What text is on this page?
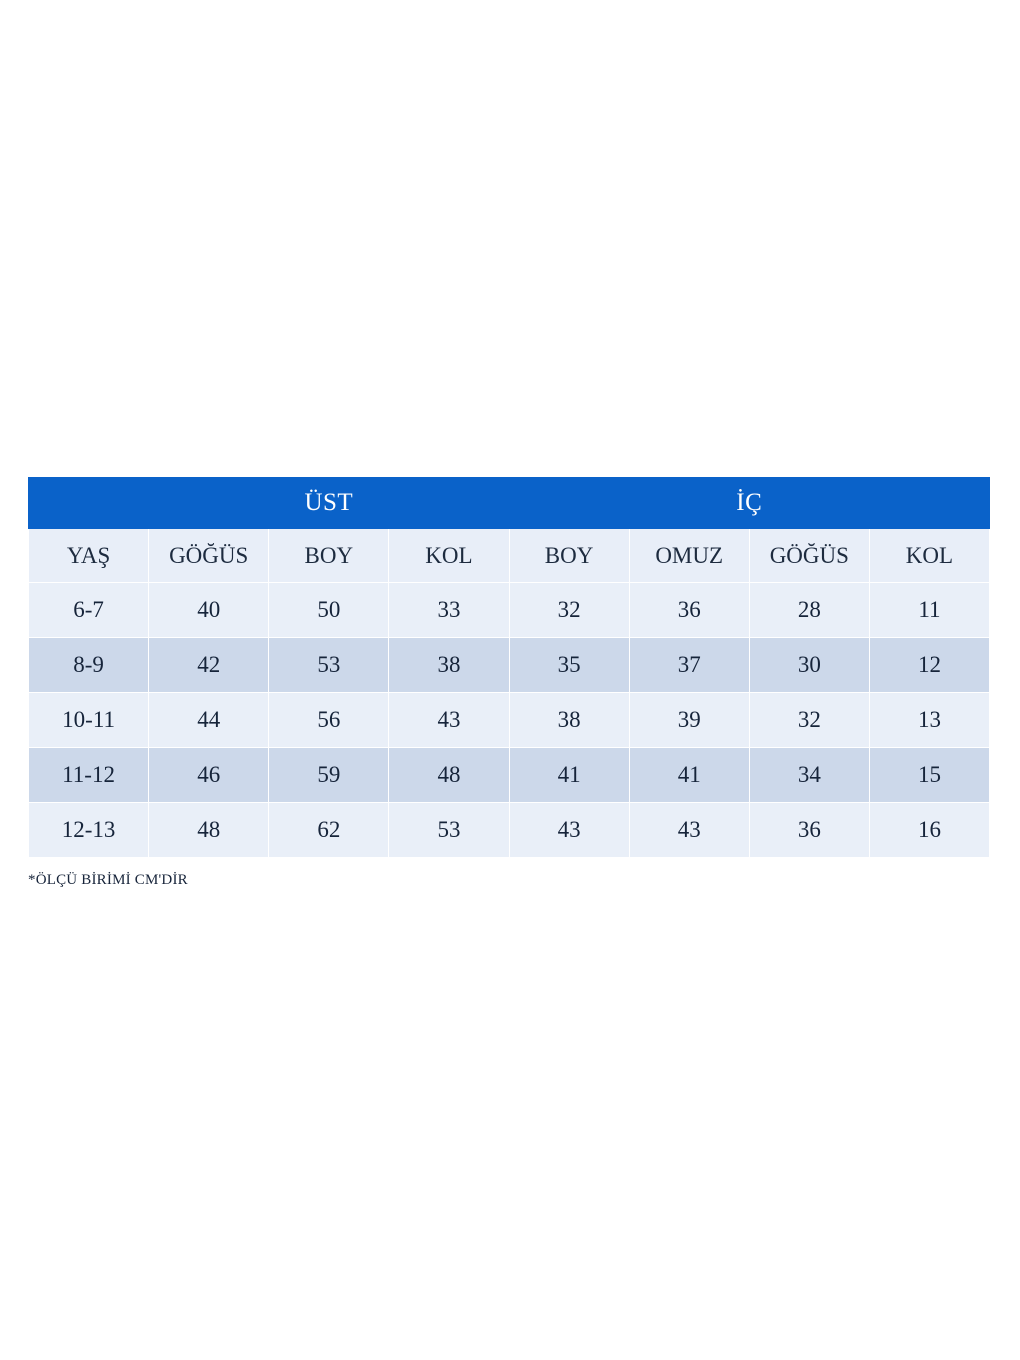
	ÜST			İÇ			
YAŞ	GÖĞÜS	BOY	KOL	BOY	OMUZ	GÖĞÜS	KOL
6-7	40	50	33	32	36	28	11
8-9	42	53	38	35	37	30	12
10-11	44	56	43	38	39	32	13
11-12	46	59	48	41	41	34	15
12-13	48	62	53	43	43	36	16
*ÖLÇÜ BİRİMİ CM'DİR
